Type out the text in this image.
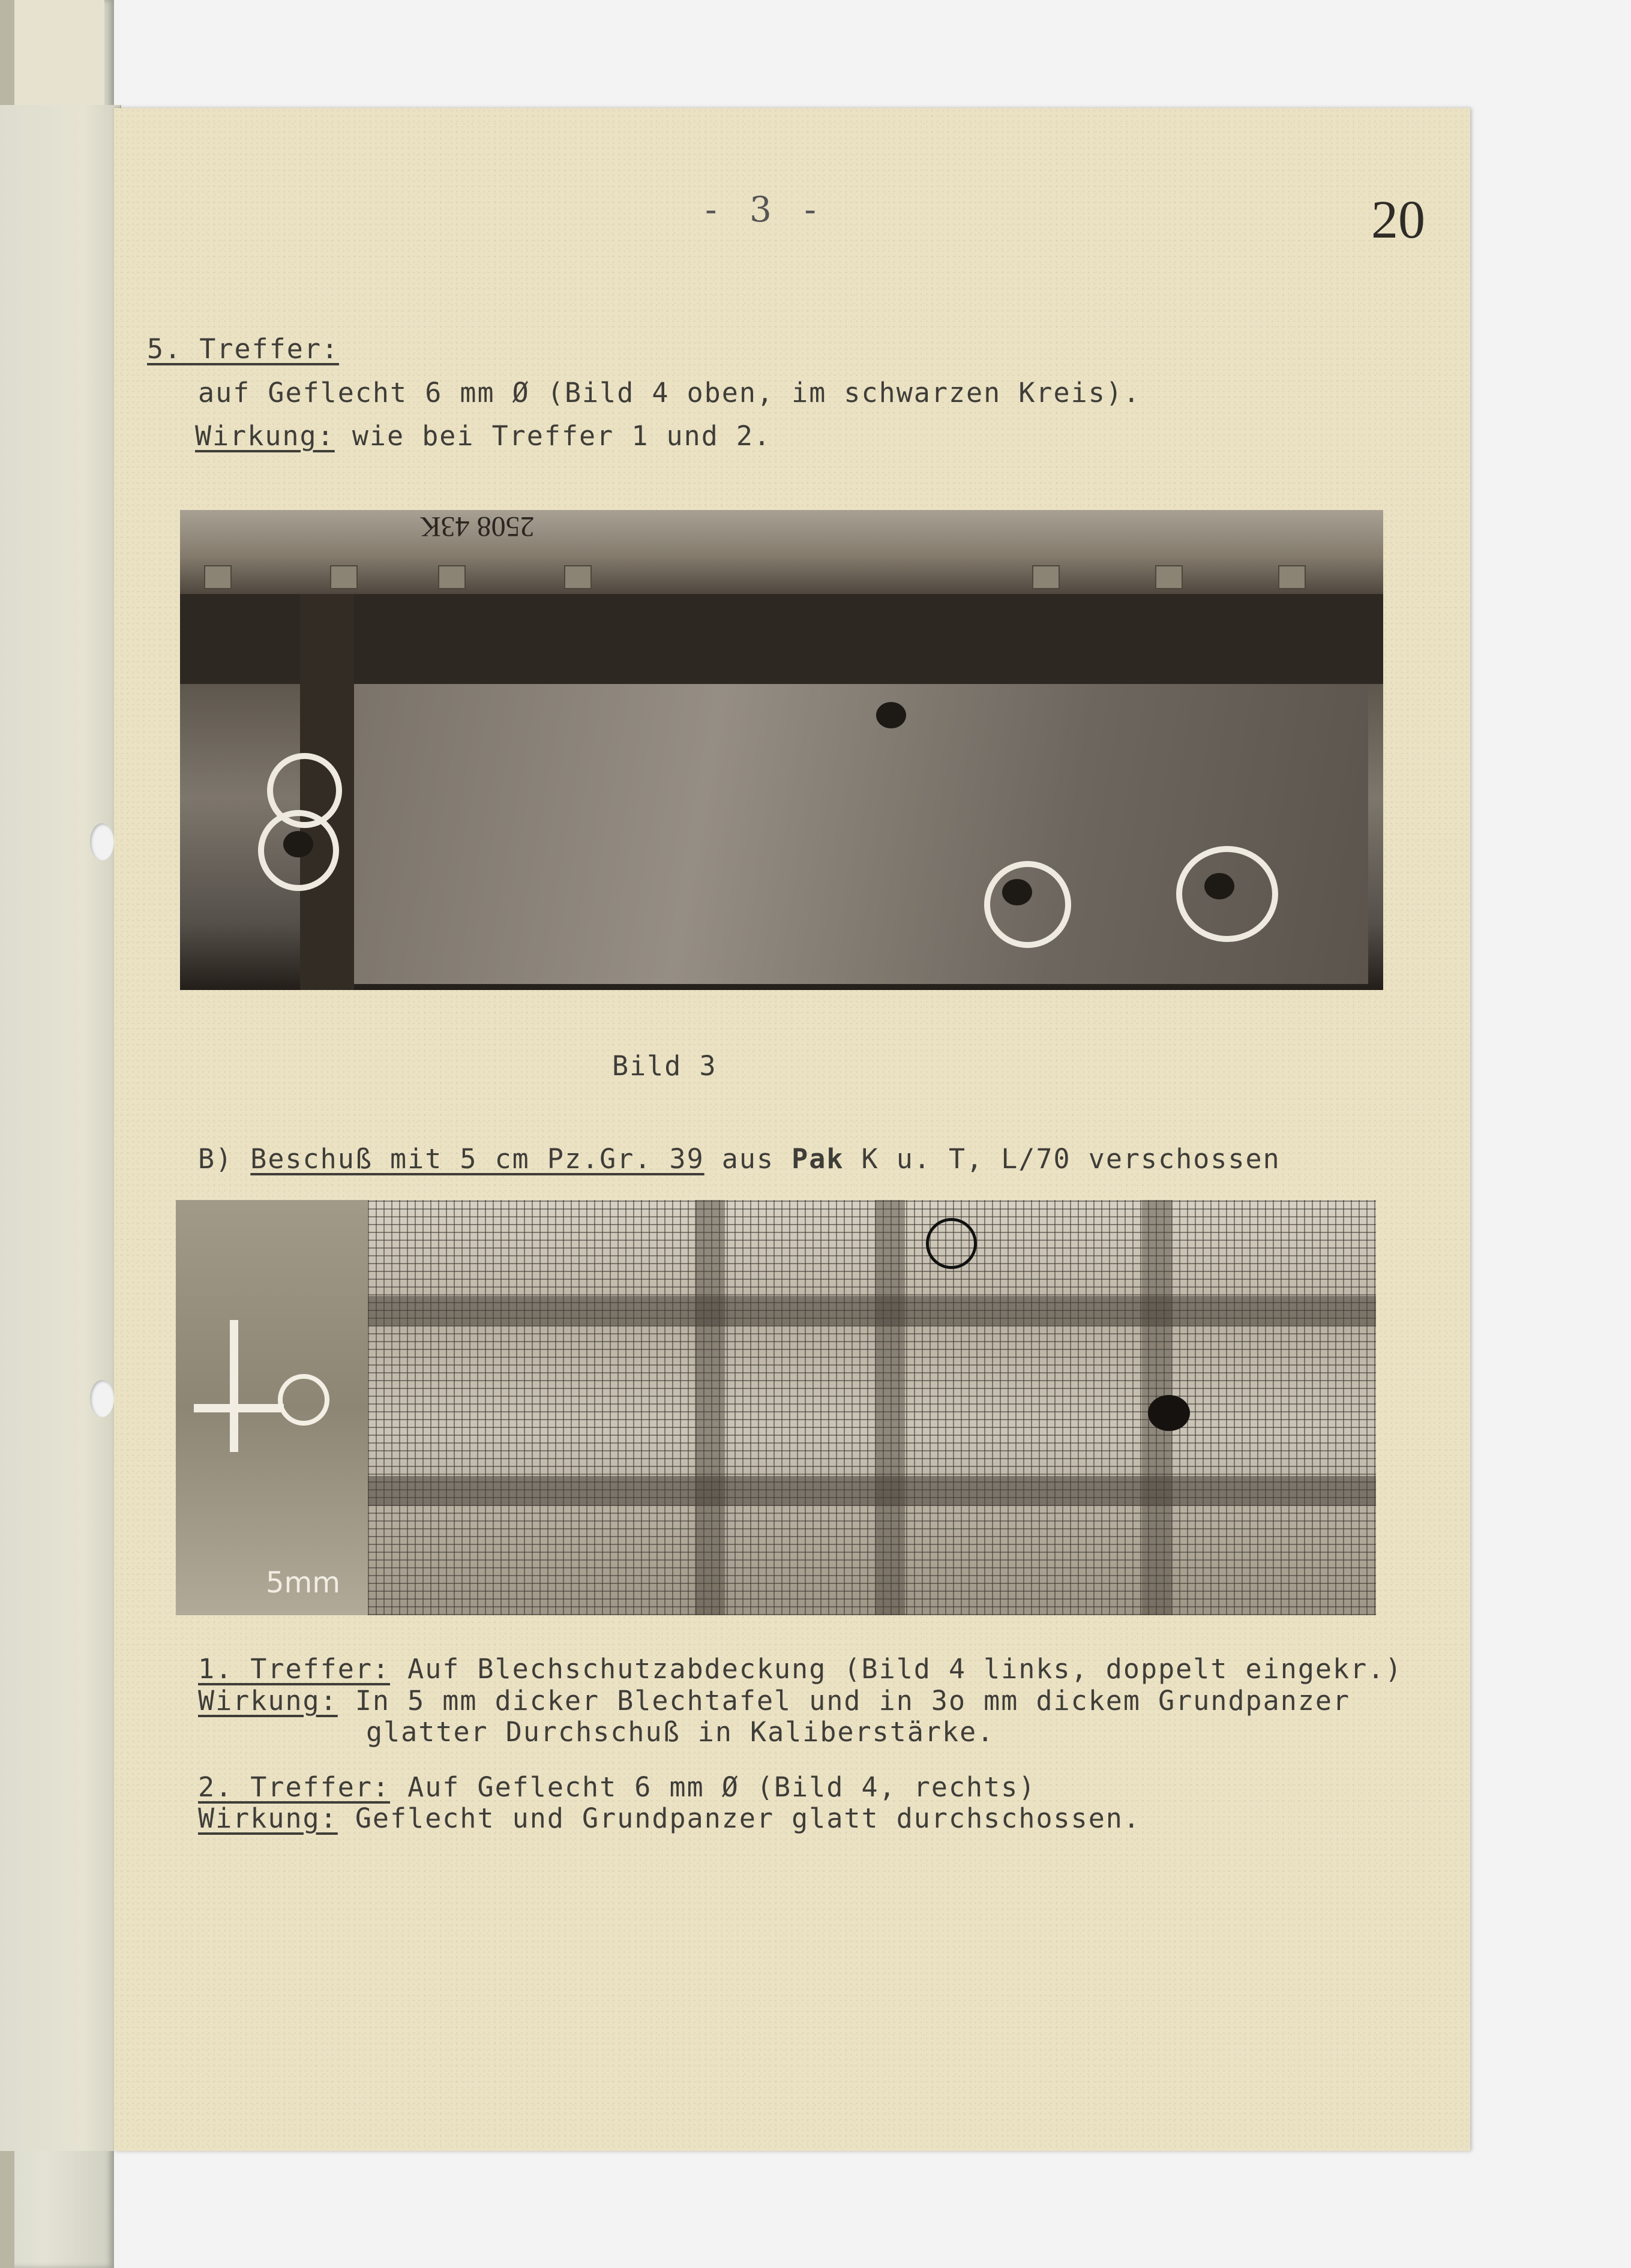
- 3 -	20
5. Treffer:
auf Geflecht 6 mm Ø (Bild 4 oben, im schwarzen Kreis).
Wirkung: wie bei Treffer 1 und 2.
2508 43K
Bild 3
B) Beschuß mit 5 cm Pz.Gr. 39 aus Pak K u. T, L/70 verschossen
5mm
1. Treffer: Auf Blechschutzabdeckung (Bild 4 links, doppelt eingekr.)
Wirkung: In 5 mm dicker Blechtafel und in 3o mm dickem Grundpanzer
glatter Durchschuß in Kaliberstärke.
2. Treffer: Auf Geflecht 6 mm Ø (Bild 4, rechts)
Wirkung: Geflecht und Grundpanzer glatt durchschossen.
